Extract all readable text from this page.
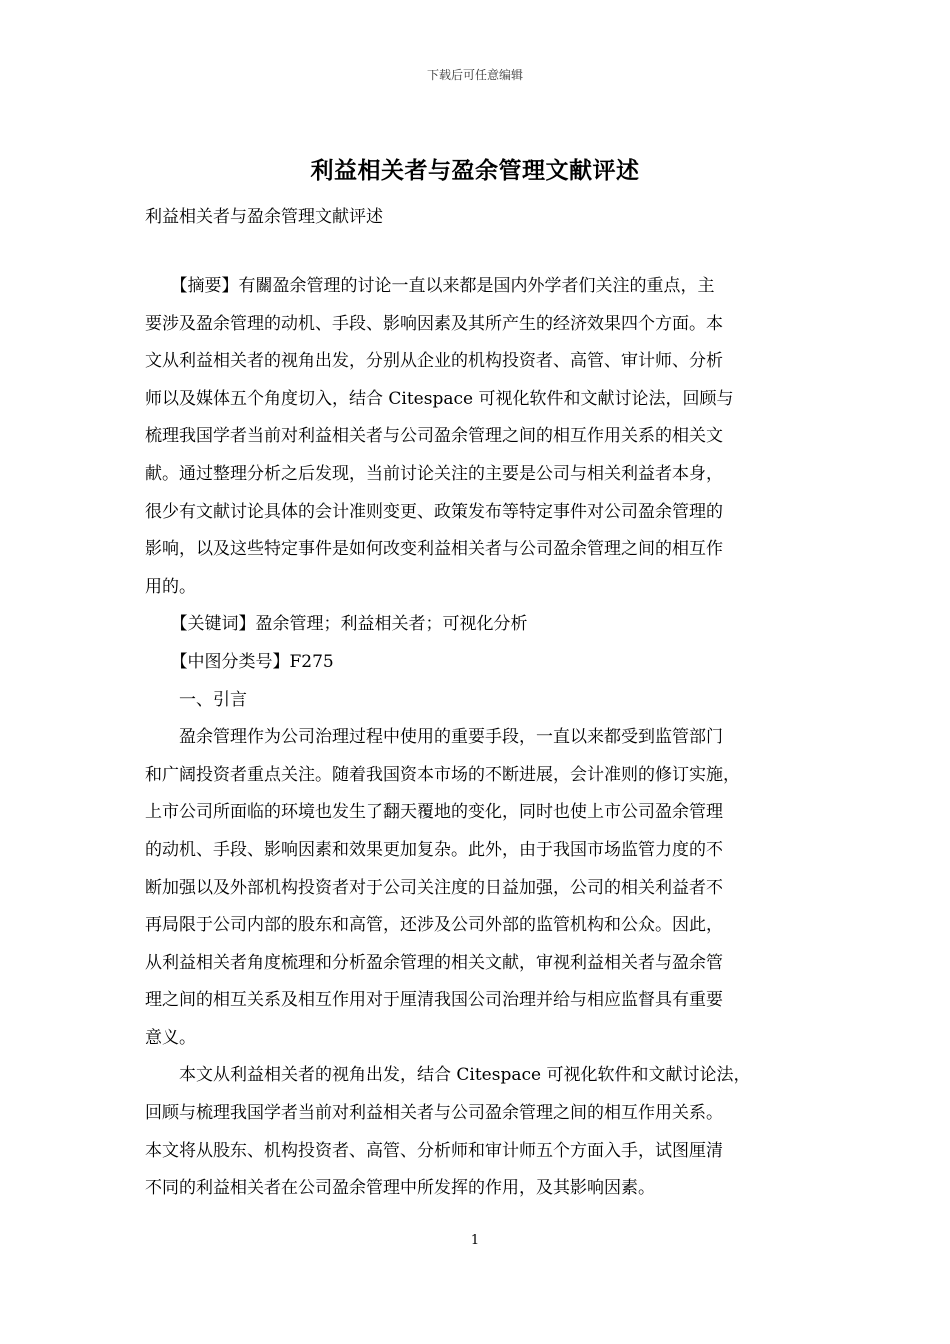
下载后可任意编辑
利益相关者与盈余管理文献评述
利益相关者与盈余管理文献评述
　　【摘要】有關盈余管理的讨论一直以来都是国内外学者们关注的重点，主
要涉及盈余管理的动机、手段、影响因素及其所产生的经济效果四个方面。本
文从利益相关者的视角出发，分别从企业的机构投资者、高管、审计师、分析
师以及媒体五个角度切入，结合 Citespace 可视化软件和文献讨论法，回顾与
梳理我国学者当前对利益相关者与公司盈余管理之间的相互作用关系的相关文
献。通过整理分析之后发现，当前讨论关注的主要是公司与相关利益者本身，
很少有文献讨论具体的会计准则变更、政策发布等特定事件对公司盈余管理的
影响，以及这些特定事件是如何改变利益相关者与公司盈余管理之间的相互作
用的。
　　【关键词】盈余管理；利益相关者；可视化分析
　　【中图分类号】F275
　　一、引言
　　盈余管理作为公司治理过程中使用的重要手段，一直以来都受到监管部门
和广阔投资者重点关注。随着我国资本市场的不断进展，会计准则的修订实施，
上市公司所面临的环境也发生了翻天覆地的变化，同时也使上市公司盈余管理
的动机、手段、影响因素和效果更加复杂。此外，由于我国市场监管力度的不
断加强以及外部机构投资者对于公司关注度的日益加强，公司的相关利益者不
再局限于公司内部的股东和高管，还涉及公司外部的监管机构和公众。因此，
从利益相关者角度梳理和分析盈余管理的相关文献，审视利益相关者与盈余管
理之间的相互关系及相互作用对于厘清我国公司治理并给与相应监督具有重要
意义。
　　本文从利益相关者的视角出发，结合 Citespace 可视化软件和文献讨论法，
回顾与梳理我国学者当前对利益相关者与公司盈余管理之间的相互作用关系。
本文将从股东、机构投资者、高管、分析师和审计师五个方面入手，试图厘清
不同的利益相关者在公司盈余管理中所发挥的作用，及其影响因素。
1
